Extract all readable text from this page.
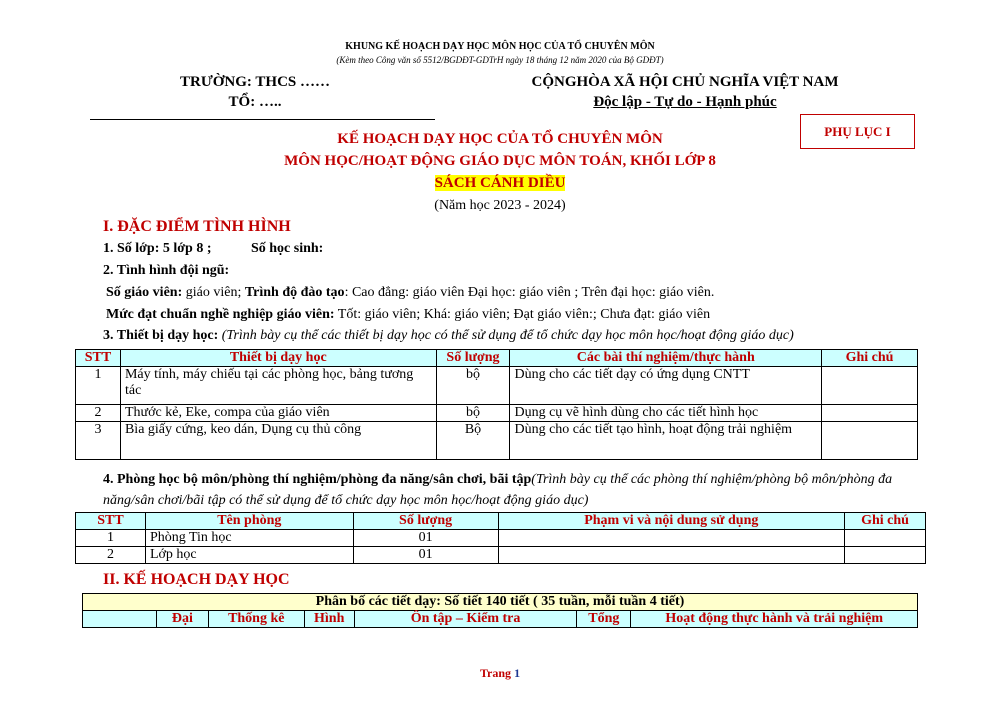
KHUNG KẾ HOẠCH DẠY HỌC MÔN HỌC CỦA TỔ CHUYÊN MÔN
(Kèm theo Công văn số 5512/BGDĐT-GDTrH ngày 18 tháng 12 năm 2020 của Bộ GDĐT)
TRƯỜNG: THCS ……
TỔ: …..
CỘNGHÒA XÃ HỘI CHỦ NGHĨA VIỆT NAM
Độc lập - Tự do - Hạnh phúc
PHỤ LỤC I
KẾ HOẠCH DẠY HỌC CỦA TỔ CHUYÊN MÔN
MÔN HỌC/HOẠT ĐỘNG GIÁO DỤC MÔN TOÁN, KHỐI LỚP 8
SÁCH CÁNH DIỀU
(Năm học 2023 - 2024)
I. ĐẶC ĐIỂM TÌNH HÌNH
1. Số lớp: 5 lớp 8 ;	Số học sinh:
2. Tình hình đội ngũ:
Số giáo viên: giáo viên; Trình độ đào tạo: Cao đẳng: giáo viên Đại học: giáo viên ; Trên đại học: giáo viên.
Mức đạt chuẩn nghề nghiệp giáo viên: Tốt: giáo viên; Khá: giáo viên; Đạt giáo viên:; Chưa đạt: giáo viên
3. Thiết bị dạy học: (Trình bày cụ thể các thiết bị dạy học có thể sử dụng để tổ chức dạy học môn học/hoạt động giáo dục)
STT	Thiết bị dạy học	Số lượng	Các bài thí nghiệm/thực hành	Ghi chú
1	Máy tính, máy chiếu tại các phòng học, bảng tương tác	bộ	Dùng cho các tiết dạy có ứng dụng CNTT	
2	Thước kẻ, Eke, compa của giáo viên	bộ	Dụng cụ vẽ hình dùng cho các tiết hình học	
3	Bìa giấy cứng, keo dán, Dụng cụ thủ công	Bộ	Dùng cho các tiết tạo hình, hoạt động trải nghiệm	
4. Phòng học bộ môn/phòng thí nghiệm/phòng đa năng/sân chơi, bãi tập(Trình bày cụ thể các phòng thí nghiệm/phòng bộ môn/phòng đa năng/sân chơi/bãi tập có thể sử dụng để tổ chức dạy học môn học/hoạt động giáo dục)
STT	Tên phòng	Số lượng	Phạm vi và nội dung sử dụng	Ghi chú
1	Phòng Tin học	01		
2	Lớp học	01		
II. KẾ HOẠCH DẠY HỌC
Phân bố các tiết dạy: Số tiết 140 tiết ( 35 tuần, mỗi tuần 4 tiết)
	Đại	Thống kê	Hình	Ôn tập – Kiểm tra	Tổng	Hoạt động thực hành và trải nghiệm
Trang 1
